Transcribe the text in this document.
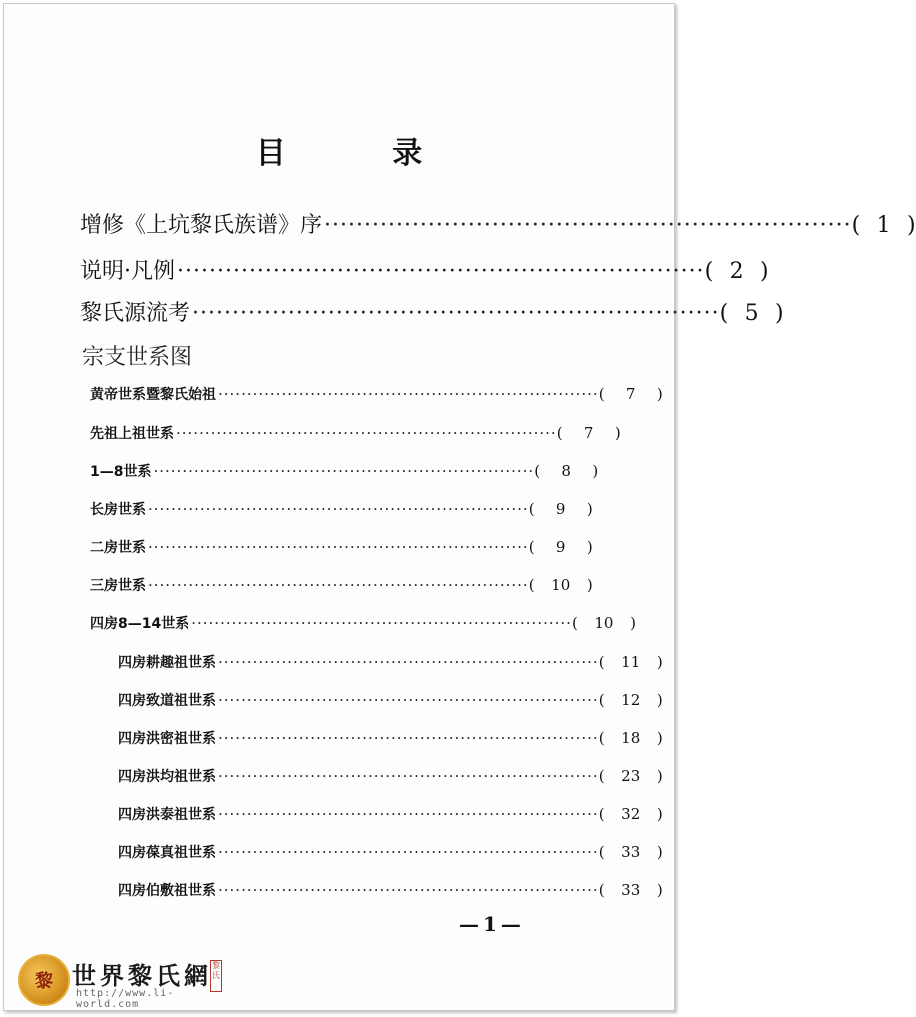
目 录
增修《上坑黎氏族谱》序 ·································································· ( 1 )
说明·凡例 ·································································· ( 2 )
黎氏源流考 ·································································· ( 5 )
宗支世系图
黄帝世系暨黎氏始祖 ·································································· (	7	)
先祖上祖世系 ·································································· (	7	)
1—8世系 ·································································· (	8	)
长房世系 ·································································· (	9	)
二房世系 ·································································· (	9	)
三房世系 ·································································· (	10	)
四房8—14世系 ·································································· (	10	)
四房耕趣祖世系 ·································································· (	11	)
四房致道祖世系 ·································································· (	12	)
四房洪密祖世系 ·································································· (	18	)
四房洪均祖世系 ·································································· (	23	)
四房洪泰祖世系 ·································································· (	32	)
四房葆真祖世系 ·································································· (	33	)
四房伯敷祖世系 ·································································· (	33	)
—1—
黎 世界黎氏網
http://www.li-world.com
黎氏
